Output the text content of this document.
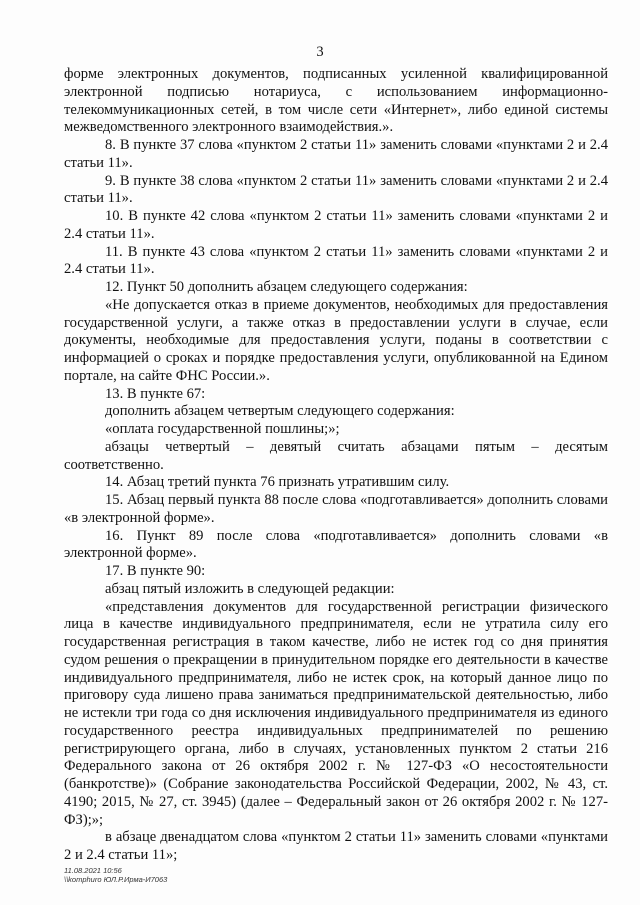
3

форме электронных документов, подписанных усиленной квалифицированной электронной подписью нотариуса, с использованием информационно-телекоммуникационных сетей, в том числе сети «Интернет», либо единой системы межведомственного электронного взаимодействия.».

8. В пункте 37 слова «пунктом 2 статьи 11» заменить словами «пунктами 2 и 2.4 статьи 11».

9. В пункте 38 слова «пунктом 2 статьи 11» заменить словами «пунктами 2 и 2.4 статьи 11».

10. В пункте 42 слова «пунктом 2 статьи 11» заменить словами «пунктами 2 и 2.4 статьи 11».

11. В пункте 43 слова «пунктом 2 статьи 11» заменить словами «пунктами 2 и 2.4 статьи 11».

12. Пункт 50 дополнить абзацем следующего содержания:

«Не допускается отказ в приеме документов, необходимых для предоставления государственной услуги, а также отказ в предоставлении услуги в случае, если документы, необходимые для предоставления услуги, поданы в соответствии с информацией о сроках и порядке предоставления услуги, опубликованной на Едином портале, на сайте ФНС России.».

13. В пункте 67:

дополнить абзацем четвертым следующего содержания:

«оплата государственной пошлины;»;

абзацы четвертый – девятый считать абзацами пятым – десятым соответственно.

14. Абзац третий пункта 76 признать утратившим силу.

15. Абзац первый пункта 88 после слова «подготавливается» дополнить словами «в электронной форме».

16. Пункт 89 после слова «подготавливается» дополнить словами «в электронной форме».

17. В пункте 90:

абзац пятый изложить в следующей редакции:

«представления документов для государственной регистрации физического лица в качестве индивидуального предпринимателя, если не утратила силу его государственная регистрация в таком качестве, либо не истек год со дня принятия судом решения о прекращении в принудительном порядке его деятельности в качестве индивидуального предпринимателя, либо не истек срок, на который данное лицо по приговору суда лишено права заниматься предпринимательской деятельностью, либо не истекли три года со дня исключения индивидуального предпринимателя из единого государственного реестра индивидуальных предпринимателей по решению регистрирующего органа, либо в случаях, установленных пунктом 2 статьи 216 Федерального закона от 26 октября 2002 г. № 127-ФЗ «О несостоятельности (банкротстве)» (Собрание законодательства Российской Федерации, 2002, № 43, ст. 4190; 2015, № 27, ст. 3945) (далее – Федеральный закон от 26 октября 2002 г. № 127-ФЗ);»;

в абзаце двенадцатом слова «пунктом 2 статьи 11» заменить словами «пунктами 2 и 2.4 статьи 11»;

11.08.2021 10:56
\\komphuro ЮЛ.Р.Ирма-И7063
